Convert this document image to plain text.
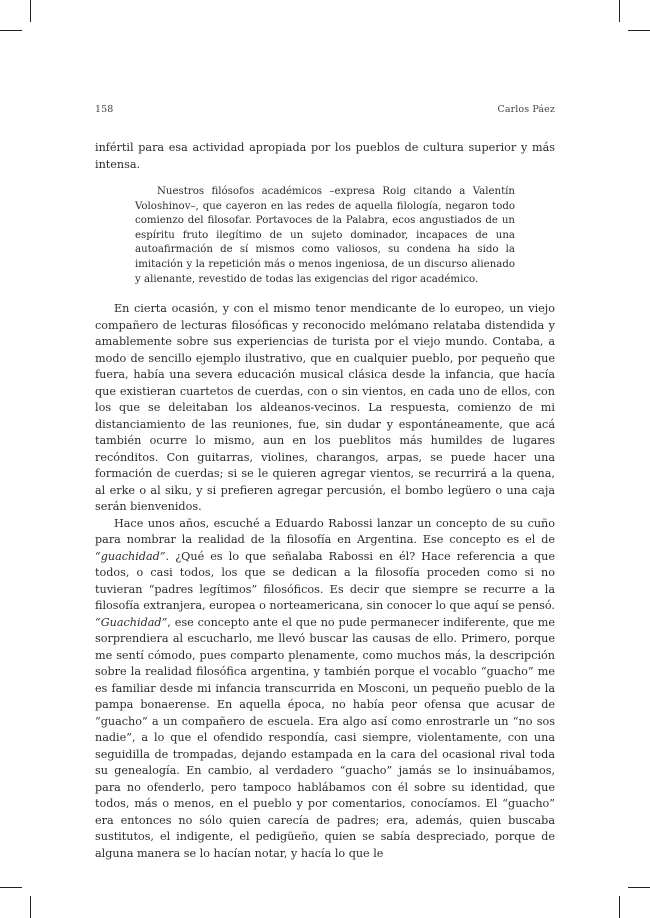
158	Carlos Páez

infértil para esa actividad apropiada por los pueblos de cultura superior y más intensa.

Nuestros filósofos académicos –expresa Roig citando a Valentín Voloshinov–, que cayeron en las redes de aquella filología, negaron todo comienzo del filosofar. Portavoces de la Palabra, ecos angustiados de un espíritu fruto ilegítimo de un sujeto dominador, incapaces de una autoafirmación de sí mismos como valiosos, su condena ha sido la imitación y la repetición más o menos ingeniosa, de un discurso alienado y alienante, revestido de todas las exigencias del rigor académico.

En cierta ocasión, y con el mismo tenor mendicante de lo europeo, un viejo compañero de lecturas filosóficas y reconocido melómano relataba distendida y amablemente sobre sus experiencias de turista por el viejo mundo. Contaba, a modo de sencillo ejemplo ilustrativo, que en cualquier pueblo, por pequeño que fuera, había una severa educación musical clásica desde la infancia, que hacía que existieran cuartetos de cuerdas, con o sin vientos, en cada uno de ellos, con los que se deleitaban los aldeanos-vecinos. La respuesta, comienzo de mi distanciamiento de las reuniones, fue, sin dudar y espontáneamente, que acá también ocurre lo mismo, aun en los pueblitos más humildes de lugares recónditos. Con guitarras, violines, charangos, arpas, se puede hacer una formación de cuerdas; si se le quieren agregar vientos, se recurrirá a la quena, al erke o al siku, y si prefieren agregar percusión, el bombo legüero o una caja serán bienvenidos.

Hace unos años, escuché a Eduardo Rabossi lanzar un concepto de su cuño para nombrar la realidad de la filosofía en Argentina. Ese concepto es el de “guachidad”. ¿Qué es lo que señalaba Rabossi en él? Hace referencia a que todos, o casi todos, los que se dedican a la filosofía proceden como si no tuvieran “padres legítimos” filosóficos. Es decir que siempre se recurre a la filosofía extranjera, europea o norteamericana, sin conocer lo que aquí se pensó. “Guachidad”, ese concepto ante el que no pude permanecer indiferente, que me sorprendiera al escucharlo, me llevó buscar las causas de ello. Primero, porque me sentí cómodo, pues comparto plenamente, como muchos más, la descripción sobre la realidad filosófica argentina, y también porque el vocablo “guacho” me es familiar desde mi infancia transcurrida en Mosconi, un pequeño pueblo de la pampa bonaerense. En aquella época, no había peor ofensa que acusar de “guacho” a un compañero de escuela. Era algo así como enrostrarle un “no sos nadie”, a lo que el ofendido respondía, casi siempre, violentamente, con una seguidilla de trompadas, dejando estampada en la cara del ocasional rival toda su genealogía. En cambio, al verdadero “guacho” jamás se lo insinuábamos, para no ofenderlo, pero tampoco hablábamos con él sobre su identidad, que todos, más o menos, en el pueblo y por comentarios, conocíamos. El “guacho” era entonces no sólo quien carecía de padres; era, además, quien buscaba sustitutos, el indigente, el pedigüeño, quien se sabía despreciado, porque de alguna manera se lo hacían notar, y hacía lo que le
